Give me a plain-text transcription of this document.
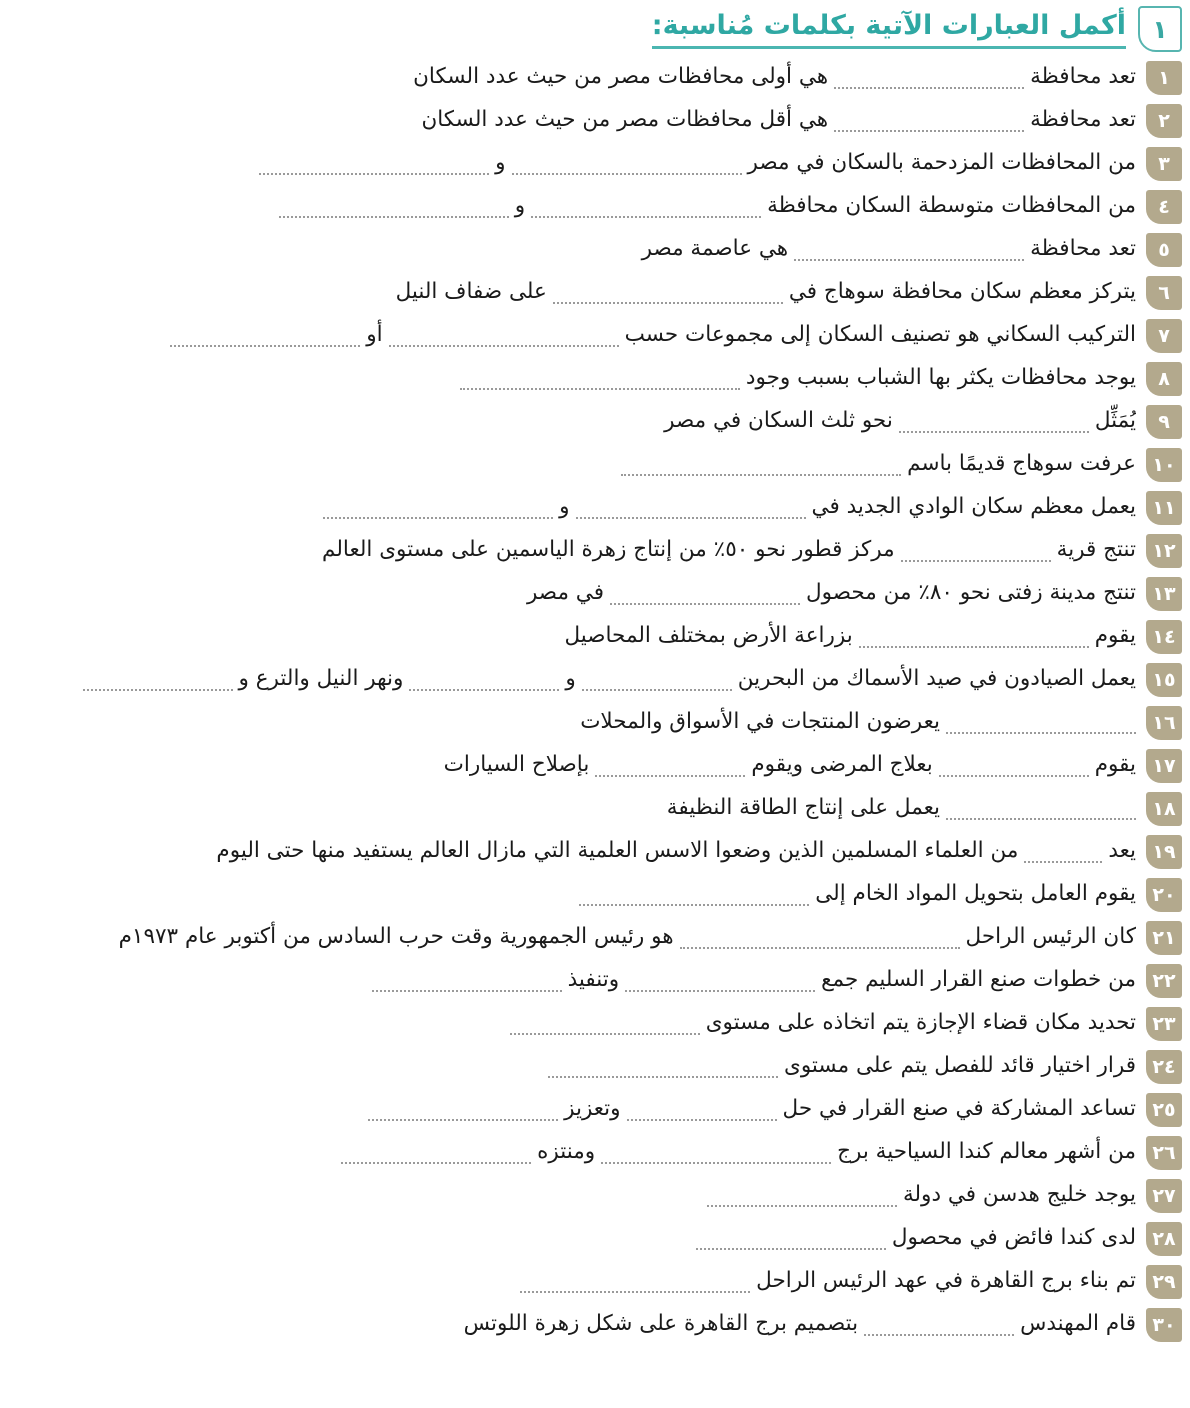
١
أكمل العبارات الآتية بكلمات مُناسبة:
١
تعد محافظة
هي أولى محافظات مصر من حيث عدد السكان
٢
تعد محافظة
هي أقل محافظات مصر من حيث عدد السكان
٣
من المحافظات المزدحمة بالسكان في مصر
و
٤
من المحافظات متوسطة السكان محافظة
و
٥
تعد محافظة
هي عاصمة مصر
٦
يتركز معظم سكان محافظة سوهاج في
على ضفاف النيل
٧
التركيب السكاني هو تصنيف السكان إلى مجموعات حسب
أو
٨
يوجد محافظات يكثر بها الشباب بسبب وجود
٩
يُمَثِّل
نحو ثلث السكان في مصر
١٠
عرفت سوهاج قديمًا باسم
١١
يعمل معظم سكان الوادي الجديد في
و
١٢
تنتج قرية
مركز قطور نحو ٥٠٪ من إنتاج زهرة الياسمين على مستوى العالم
١٣
تنتج مدينة زفتى نحو ٨٠٪ من محصول
في مصر
١٤
يقوم
بزراعة الأرض بمختلف المحاصيل
١٥
يعمل الصيادون في صيد الأسماك من البحرين
و
ونهر النيل والترع و
١٦
يعرضون المنتجات في الأسواق والمحلات
١٧
يقوم
بعلاج المرضى ويقوم
بإصلاح السيارات
١٨
يعمل على إنتاج الطاقة النظيفة
١٩
يعد
من العلماء المسلمين الذين وضعوا الاسس العلمية التي مازال العالم يستفيد منها حتى اليوم
٢٠
يقوم العامل بتحويل المواد الخام إلى
٢١
كان الرئيس الراحل
هو رئيس الجمهورية وقت حرب السادس من أكتوبر عام ١٩٧٣م
٢٢
من خطوات صنع القرار السليم جمع
وتنفيذ
٢٣
تحديد مكان قضاء الإجازة يتم اتخاذه على مستوى
٢٤
قرار اختيار قائد للفصل يتم على مستوى
٢٥
تساعد المشاركة في صنع القرار في حل
وتعزيز
٢٦
من أشهر معالم كندا السياحية برج
ومنتزه
٢٧
يوجد خليج هدسن في دولة
٢٨
لدى كندا فائض في محصول
٢٩
تم بناء برج القاهرة في عهد الرئيس الراحل
٣٠
قام المهندس
بتصميم برج القاهرة على شكل زهرة اللوتس
